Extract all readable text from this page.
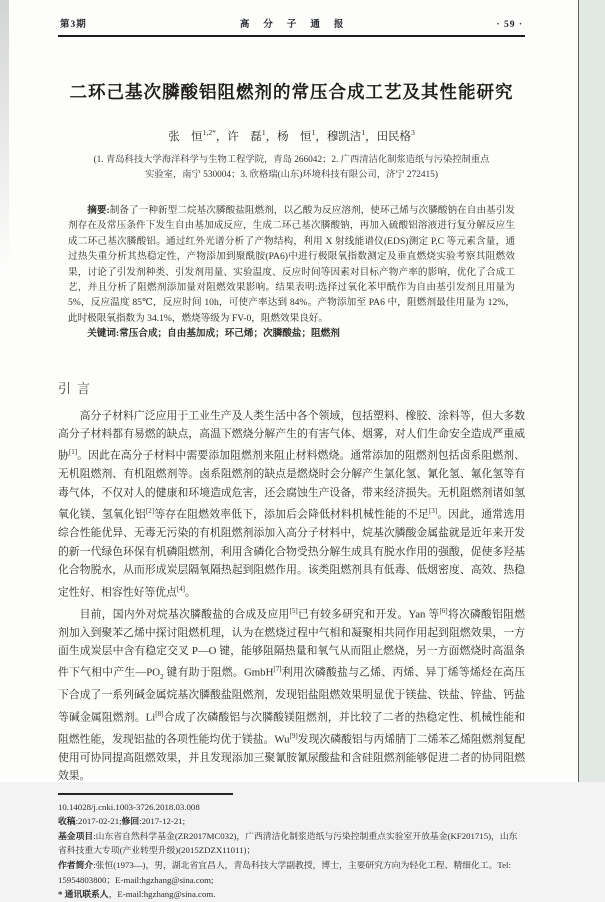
第3期	高分子通报	· 59 ·
二环己基次膦酸铝阻燃剂的常压合成工艺及其性能研究
张　恒$^{1,2*}$，许　磊$^1$，杨　恒$^1$，穆凯洁$^1$，田民格$^3$
(1. 青岛科技大学海洋科学与生物工程学院，青岛 266042；2. 广西清洁化制浆造纸与污染控制重点
实验室，南宁 530004；3. 欣格瑞(山东)环境科技有限公司，济宁 272415)

摘要:制备了一种新型二烷基次膦酸盐阻燃剂，以乙酸为反应溶剂，使环己烯与次膦酸钠在自由基引发剂存在及常压条件下发生自由基加成反应，生成二环己基次膦酸钠，再加入硫酸铝溶液进行复分解反应生成二环己基次膦酸铝。通过红外光谱分析了产物结构，利用 X 射线能谱仪(EDS)测定 P,C 等元素含量，通过热失重分析其热稳定性，产物添加到聚酰胺(PA6)中进行极限氧指数测定及垂直燃烧实验考察其阻燃效果，讨论了引发剂种类、引发剂用量、实验温度、反应时间等因素对目标产物产率的影响，优化了合成工艺，并且分析了阻燃剂添加量对阻燃效果影响。结果表明:选择过氧化苯甲酰作为自由基引发剂且用量为 5%，反应温度 85℃，反应时间 10h，可使产率达到 84%。产物添加至 PA6 中，阻燃剂最佳用量为 12%，此时极限氧指数为 34.1%，燃烧等级为 FV-0，阻燃效果良好。

关键词:常压合成；自由基加成；环己烯；次膦酸盐；阻燃剂

引言

高分子材料广泛应用于工业生产及人类生活中各个领域，包括塑料、橡胶、涂料等，但大多数高分子材料都有易燃的缺点，高温下燃烧分解产生的有害气体、烟雾，对人们生命安全造成严重威胁[1]。因此在高分子材料中需要添加阻燃剂来阻止材料燃烧。通常添加的阻燃剂包括卤系阻燃剂、无机阻燃剂、有机阻燃剂等。卤系阻燃剂的缺点是燃烧时会分解产生氯化氢、氰化氢、氟化氢等有毒气体，不仅对人的健康和环境造成危害，还会腐蚀生产设备，带来经济损失。无机阻燃剂诸如氢氧化镁、氢氧化铝[2]等存在阻燃效率低下，添加后会降低材料机械性能的不足[3]。因此，通常选用综合性能优异、无毒无污染的有机阻燃剂添加入高分子材料中，烷基次膦酸金属盐就是近年来开发的新一代绿色环保有机磷阻燃剂，利用含磷化合物受热分解生成具有脱水作用的强酸，促使多羟基化合物脱水，从而形成炭层隔氧隔热起到阻燃作用。该类阻燃剂具有低毒、低烟密度、高效、热稳定性好、相容性好等优点[4]。

目前，国内外对烷基次膦酸盐的合成及应用[5]已有较多研究和开发。Yan 等[6]将次磷酸铝阻燃剂加入到聚苯乙烯中探讨阻燃机理，认为在燃烧过程中气相和凝聚相共同作用起到阻燃效果，一方面生成炭层中含有稳定交叉 P—O 键，能够阻隔热量和氧气从而阻止燃烧，另一方面燃烧时高温条件下气相中产生$—PO_2$ 键有助于阻燃。GmbH[7]利用次磷酸盐与乙烯、丙烯、异丁烯等烯烃在高压下合成了一系列碱金属烷基次膦酸盐阻燃剂，发现铝盐阻燃效果明显优于镁盐、铁盐、锌盐、钙盐等碱金属阻燃剂。Li[8]合成了次磷酸铝与次膦酸镁阻燃剂，并比较了二者的热稳定性、机械性能和阻燃性能，发现铝盐的各项性能均优于镁盐。Wu[9]发现次磷酸铝与丙烯腈丁二烯苯乙烯阻燃剂复配使用可协同提高阻燃效果，并且发现添加三聚氰胺氰尿酸盐和含硅阻燃剂能够促进二者的协同阻燃效果。

10.14028/j.cnki.1003-3726.2018.03.008
收稿:2017-02-21;修回:2017-12-21;
基金项目:山东省自然科学基金(ZR2017MC032)，广西清洁化制浆造纸与污染控制重点实验室开放基金(KF201715)，山东省科技重大专项(产业转型升级)(2015ZDZX11011)；
作者简介:张恒(1973—)，男，湖北省宜昌人，青岛科技大学副教授，博士，主要研究方向为轻化工程、精细化工。Tel: 15954803800；E-mail:hgzhang@sina.com;
* 通讯联系人，E-mail:hgzhang@sina.com.
